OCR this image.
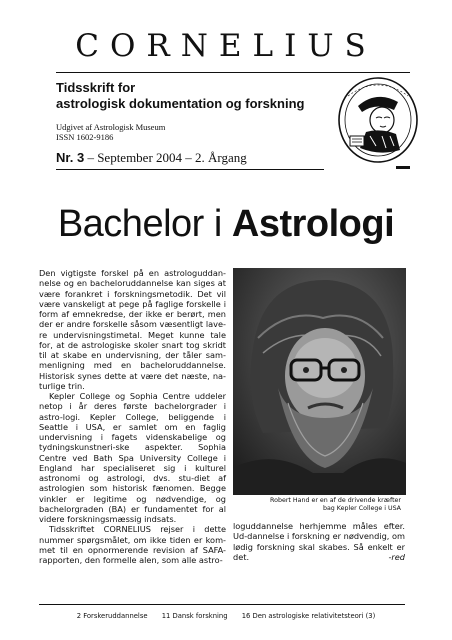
CORNELIUS
Tidsskrift for
astrologisk dokumentation og forskning
Udgivet af Astrologisk Museum
ISSN 1602-9186
Nr. 3 – September 2004 – 2. Årgang
Bachelor i Astrologi

Den vigtigste forskel på en astrologuddan-nelse og en bacheloruddannelse kan siges at være forankret i forskningsmetodik. Det vil være vanskeligt at pege på faglige forskelle i form af emnekredse, der ikke er berørt, men der er andre forskelle såsom væsentligt lave-re undervisningstimetal. Meget kunne tale for, at de astrologiske skoler snart tog skridt til at skabe en undervisning, der tåler sam-menligning med en bacheloruddannelse. Historisk synes dette at være det næste, na-turlige trin.

Kepler College og Sophia Centre uddeler netop i år deres første bachelorgrader i astro-logi. Kepler College, beliggende i Seattle i USA, er samlet om en faglig undervisning i fagets videnskabelige og tydningskunstneri-ske aspekter. Sophia Centre ved Bath Spa University College i England har specialiseret sig i kulturel astronomi og astrologi, dvs. stu-diet af astrologien som historisk fænomen. Begge vinkler er legitime og nødvendige, og bachelorgraden (BA) er fundamentet for al videre forskningsmæssig indsats.

Tidsskriftet CORNELIUS rejser i dette nummer spørgsmålet, om ikke tiden er kom-met til en opnormerende revision af SAFA-rapporten, den formelle alen, som alle astro-

Robert Hand er en af de drivende kræfter
bag Kepler College i USA

loguddannelse herhjemme måles efter. Ud-dannelse i forskning er nødvendig, om lødig forskning skal skabes. Så enkelt er det.	-red
2 Forskeruddannelse 11 Dansk forskning 16 Den astrologiske relativitetsteori (3)
